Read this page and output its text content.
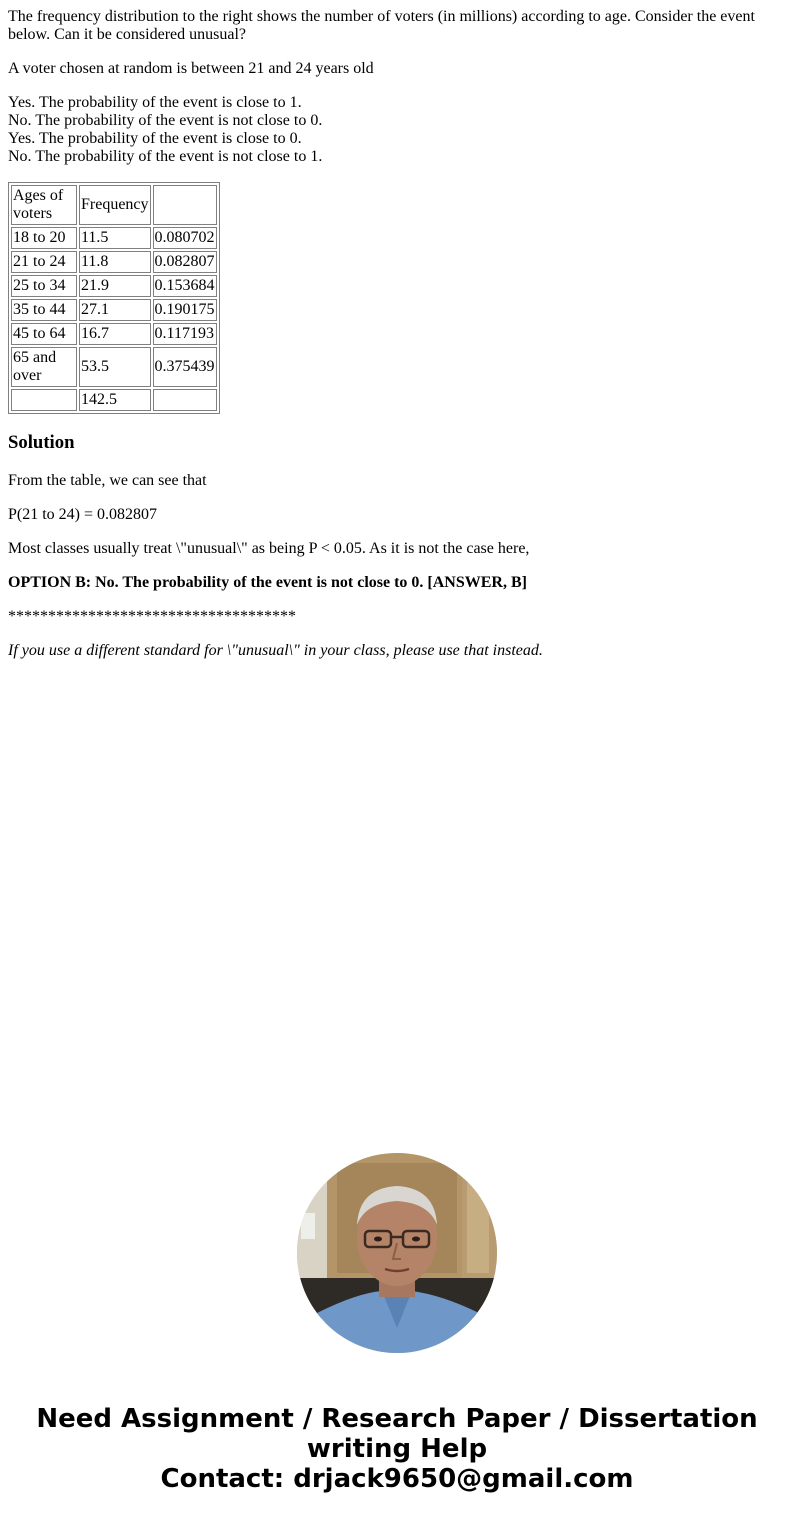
The frequency distribution to the right shows the number of voters (in millions) according to age. Consider the event below. Can it be considered unusual?

A voter chosen at random is between 21 and 24 years old

Yes. The probability of the event is close to 1.
No. The probability of the event is not close to 0.
Yes. The probability of the event is close to 0.
No. The probability of the event is not close to 1.
Ages of voters	Frequency	
18 to 20	11.5	0.080702
21 to 24	11.8	0.082807
25 to 34	21.9	0.153684
35 to 44	27.1	0.190175
45 to 64	16.7	0.117193
65 and over	53.5	0.375439
	142.5	
Solution

From the table, we can see that

P(21 to 24) = 0.082807

Most classes usually treat \"unusual\" as being P < 0.05. As it is not the case here,

OPTION B: No. The probability of the event is not close to 0. [ANSWER, B]

************************************

If you use a different standard for \"unusual\" in your class, please use that instead.

Need Assignment / Research Paper / Dissertation
writing Help
Contact: drjack9650@gmail.com
